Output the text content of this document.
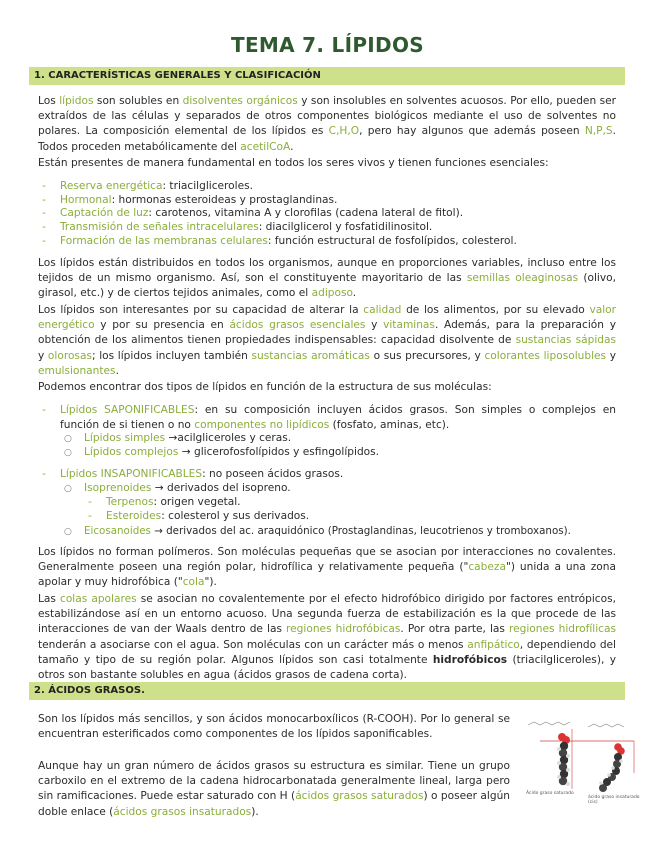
TEMA 7. LÍPIDOS
1. CARACTERÍSTICAS GENERALES Y CLASIFICACIÓN

Los lípidos son solubles en disolventes orgánicos y son insolubles en solventes acuosos. Por ello, pueden ser extraídos de las células y separados de otros componentes biológicos mediante el uso de solventes no polares. La composición elemental de los lípidos es C,H,O, pero hay algunos que además poseen N,P,S. Todos proceden metabólicamente del acetilCoA.

Están presentes de manera fundamental en todos los seres vivos y tienen funciones esenciales:

- Reserva energética: triacilgliceroles.
- Hormonal: hormonas esteroideas y prostaglandinas.
- Captación de luz: carotenos, vitamina A y clorofilas (cadena lateral de fitol).
- Transmisión de señales intracelulares: diacilglicerol y fosfatidilinositol.
- Formación de las membranas celulares: función estructural de fosfolípidos, colesterol.

Los lípidos están distribuidos en todos los organismos, aunque en proporciones variables, incluso entre los tejidos de un mismo organismo. Así, son el constituyente mayoritario de las semillas oleaginosas (olivo, girasol, etc.) y de ciertos tejidos animales, como el adiposo.

Los lípidos son interesantes por su capacidad de alterar la calidad de los alimentos, por su elevado valor energético y por su presencia en ácidos grasos esenciales y vitaminas. Además, para la preparación y obtención de los alimentos tienen propiedades indispensables: capacidad disolvente de sustancias sápidas y olorosas; los lípidos incluyen también sustancias aromáticas o sus precursores, y colorantes liposolubles y emulsionantes.

Podemos encontrar dos tipos de lípidos en función de la estructura de sus moléculas:

- Lípidos SAPONIFICABLES: en su composición incluyen ácidos grasos. Son simples o complejos en función de si tienen o no componentes no lipídicos (fosfato, aminas, etc).
○ Lípidos simples →acilgliceroles y ceras.
○ Lípidos complejos → glicerofosfolípidos y esfingolípidos.
- Lípidos INSAPONIFICABLES: no poseen ácidos grasos.
○ Isoprenoides → derivados del isopreno.
- Terpenos: origen vegetal.
- Esteroides: colesterol y sus derivados.
○ Eicosanoides → derivados del ac. araquidónico (Prostaglandinas, leucotrienos y tromboxanos).

Los lípidos no forman polímeros. Son moléculas pequeñas que se asocian por interacciones no covalentes. Generalmente poseen una región polar, hidrofílica y relativamente pequeña ("cabeza") unida a una zona apolar y muy hidrofóbica ("cola").

Las colas apolares se asocian no covalentemente por el efecto hidrofóbico dirigido por factores entrópicos, estabilizándose así en un entorno acuoso. Una segunda fuerza de estabilización es la que procede de las interacciones de van der Waals dentro de las regiones hidrofóbicas. Por otra parte, las regiones hidrofílicas tenderán a asociarse con el agua. Son moléculas con un carácter más o menos anfipático, dependiendo del tamaño y tipo de su región polar. Algunos lípidos son casi totalmente hidrofóbicos (triacilgliceroles), y otros son bastante solubles en agua (ácidos grasos de cadena corta).

2. ÁCIDOS GRASOS.

Son los lípidos más sencillos, y son ácidos monocarboxílicos (R-COOH). Por lo general se encuentran esterificados como componentes de los lípidos saponificables.

Aunque hay un gran número de ácidos grasos su estructura es similar. Tiene un grupo carboxilo en el extremo de la cadena hidrocarbonatada generalmente lineal, larga pero sin ramificaciones. Puede estar saturado con H (ácidos grasos saturados) o poseer algún doble enlace (ácidos grasos insaturados).

Ácido graso saturado
ácido graso insaturado (cis)
